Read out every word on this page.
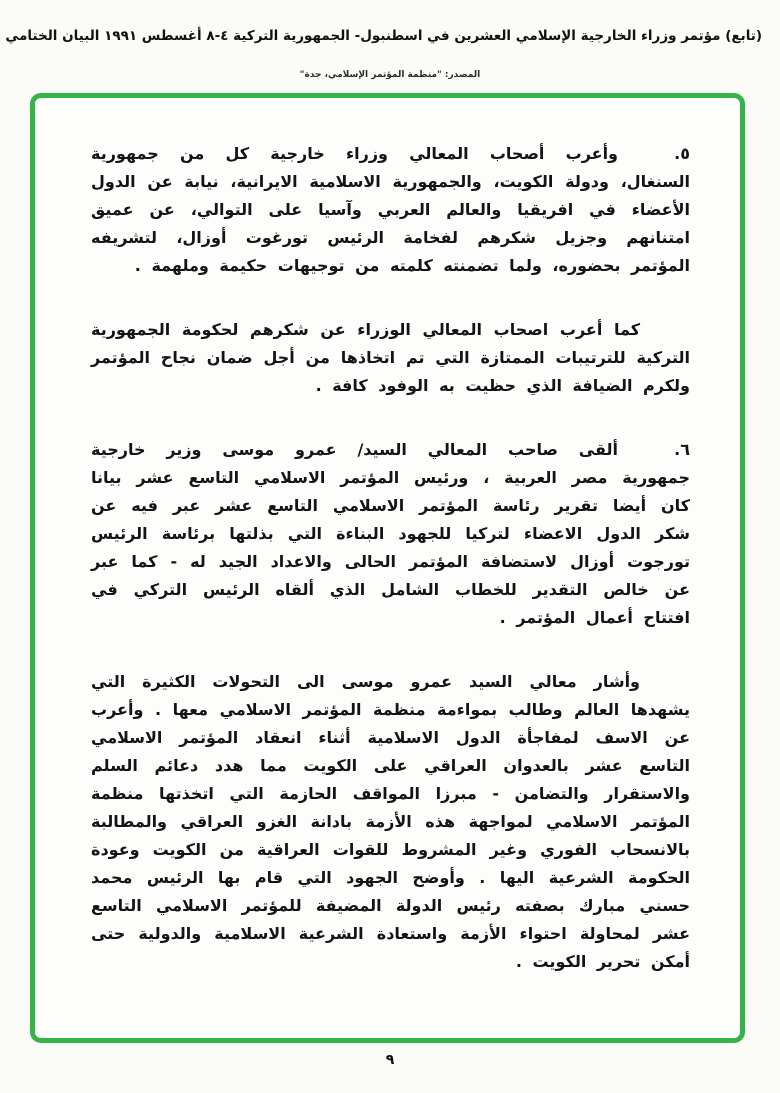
(تابع) مؤتمر وزراء الخارجية الإسلامي العشرين في اسطنبول- الجمهورية التركية ٤-٨ أغسطس ١٩٩١ البيان الختامي
المصدر: "منظمة المؤتمر الإسلامي، جدة"
٥.
وأعرب أصحاب المعالي وزراء خارجية كل من جمهورية السنغال، ودولة الكويت، والجمهورية الاسلامية الايرانية، نيابة عن الدول الأعضاء في افريقيا والعالم العربي وآسيا على التوالي، عن عميق امتنانهم وجزيل شكرهم لفخامة الرئيس تورغوت أوزال، لتشريفه المؤتمر بحضوره، ولما تضمنته كلمته من توجيهات حكيمة وملهمة .
كما أعرب اصحاب المعالي الوزراء عن شكرهم لحكومة الجمهورية التركية للترتيبات الممتازة التي تم اتخاذها من أجل ضمان نجاح المؤتمر ولكرم الضيافة الذي حظيت به الوفود كافة .
٦.
ألقى صاحب المعالي السيد/ عمرو موسى وزير خارجية جمهورية مصر العربية ، ورئيس المؤتمر الاسلامي التاسع عشر بيانا كان أيضا تقرير رئاسة المؤتمر الاسلامي التاسع عشر عبر فيه عن شكر الدول الاعضاء لتركيا للجهود البناءة التي بذلتها برئاسة الرئيس تورجوت أوزال لاستضافة المؤتمر الحالى والاعداد الجيد له - كما عبر عن خالص التقدير للخطاب الشامل الذي ألقاه الرئيس التركي في افتتاح أعمال المؤتمر .
وأشار معالي السيد عمرو موسى الى التحولات الكثيرة التي يشهدها العالم وطالب بمواءمة منظمة المؤتمر الاسلامي معها . وأعرب عن الاسف لمفاجأة الدول الاسلامية أثناء انعقاد المؤتمر الاسلامي التاسع عشر بالعدوان العراقي على الكويت مما هدد دعائم السلم والاستقرار والتضامن - مبرزا المواقف الحازمة التي اتخذتها منظمة المؤتمر الاسلامي لمواجهة هذه الأزمة بادانة الغزو العراقي والمطالبة بالانسحاب الفوري وغير المشروط للقوات العراقية من الكويت وعودة الحكومة الشرعية اليها . وأوضح الجهود التي قام بها الرئيس محمد حسني مبارك بصفته رئيس الدولة المضيفة للمؤتمر الاسلامي التاسع عشر لمحاولة احتواء الأزمة واستعادة الشرعية الاسلامية والدولية حتى أمكن تحرير الكويت .
٩
